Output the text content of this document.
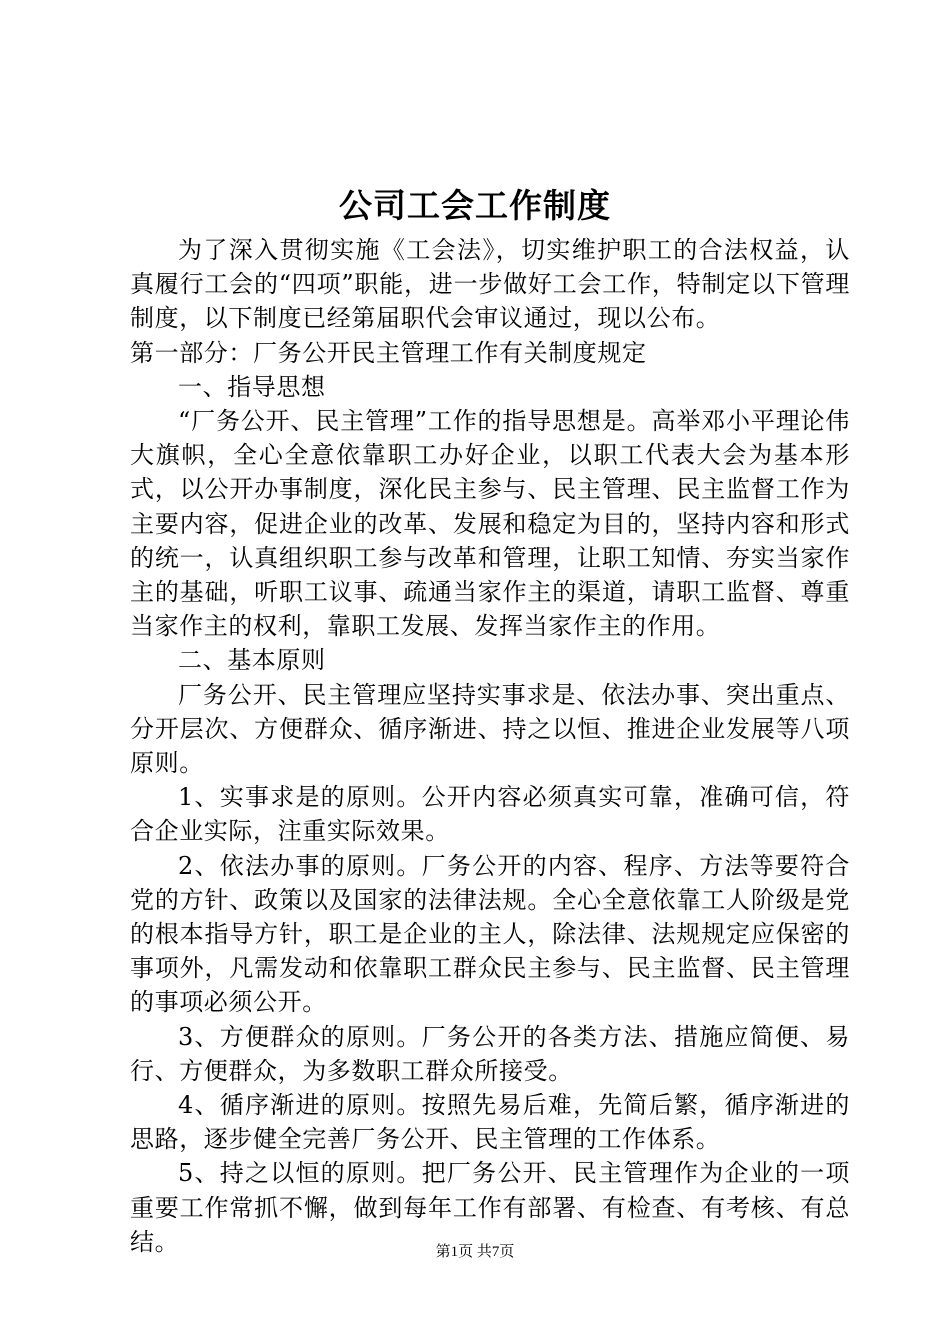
公司工会工作制度

为了深入贯彻实施《工会法》，切实维护职工的合法权益，认真履行工会的“四项”职能，进一步做好工会工作，特制定以下管理制度，以下制度已经第届职代会审议通过，现以公布。

第一部分：厂务公开民主管理工作有关制度规定

一、指导思想

“厂务公开、民主管理”工作的指导思想是。高举邓小平理论伟大旗帜，全心全意依靠职工办好企业，以职工代表大会为基本形式，以公开办事制度，深化民主参与、民主管理、民主监督工作为主要内容，促进企业的改革、发展和稳定为目的，坚持内容和形式的统一，认真组织职工参与改革和管理，让职工知情、夯实当家作主的基础，听职工议事、疏通当家作主的渠道，请职工监督、尊重当家作主的权利，靠职工发展、发挥当家作主的作用。

二、基本原则

厂务公开、民主管理应坚持实事求是、依法办事、突出重点、分开层次、方便群众、循序渐进、持之以恒、推进企业发展等八项原则。

1、实事求是的原则。公开内容必须真实可靠，准确可信，符合企业实际，注重实际效果。

2、依法办事的原则。厂务公开的内容、程序、方法等要符合党的方针、政策以及国家的法律法规。全心全意依靠工人阶级是党的根本指导方针，职工是企业的主人，除法律、法规规定应保密的事项外，凡需发动和依靠职工群众民主参与、民主监督、民主管理的事项必须公开。

3、方便群众的原则。厂务公开的各类方法、措施应简便、易行、方便群众，为多数职工群众所接受。

4、循序渐进的原则。按照先易后难，先简后繁，循序渐进的思路，逐步健全完善厂务公开、民主管理的工作体系。

5、持之以恒的原则。把厂务公开、民主管理作为企业的一项重要工作常抓不懈，做到每年工作有部署、有检查、有考核、有总结。	第1页 共7页
